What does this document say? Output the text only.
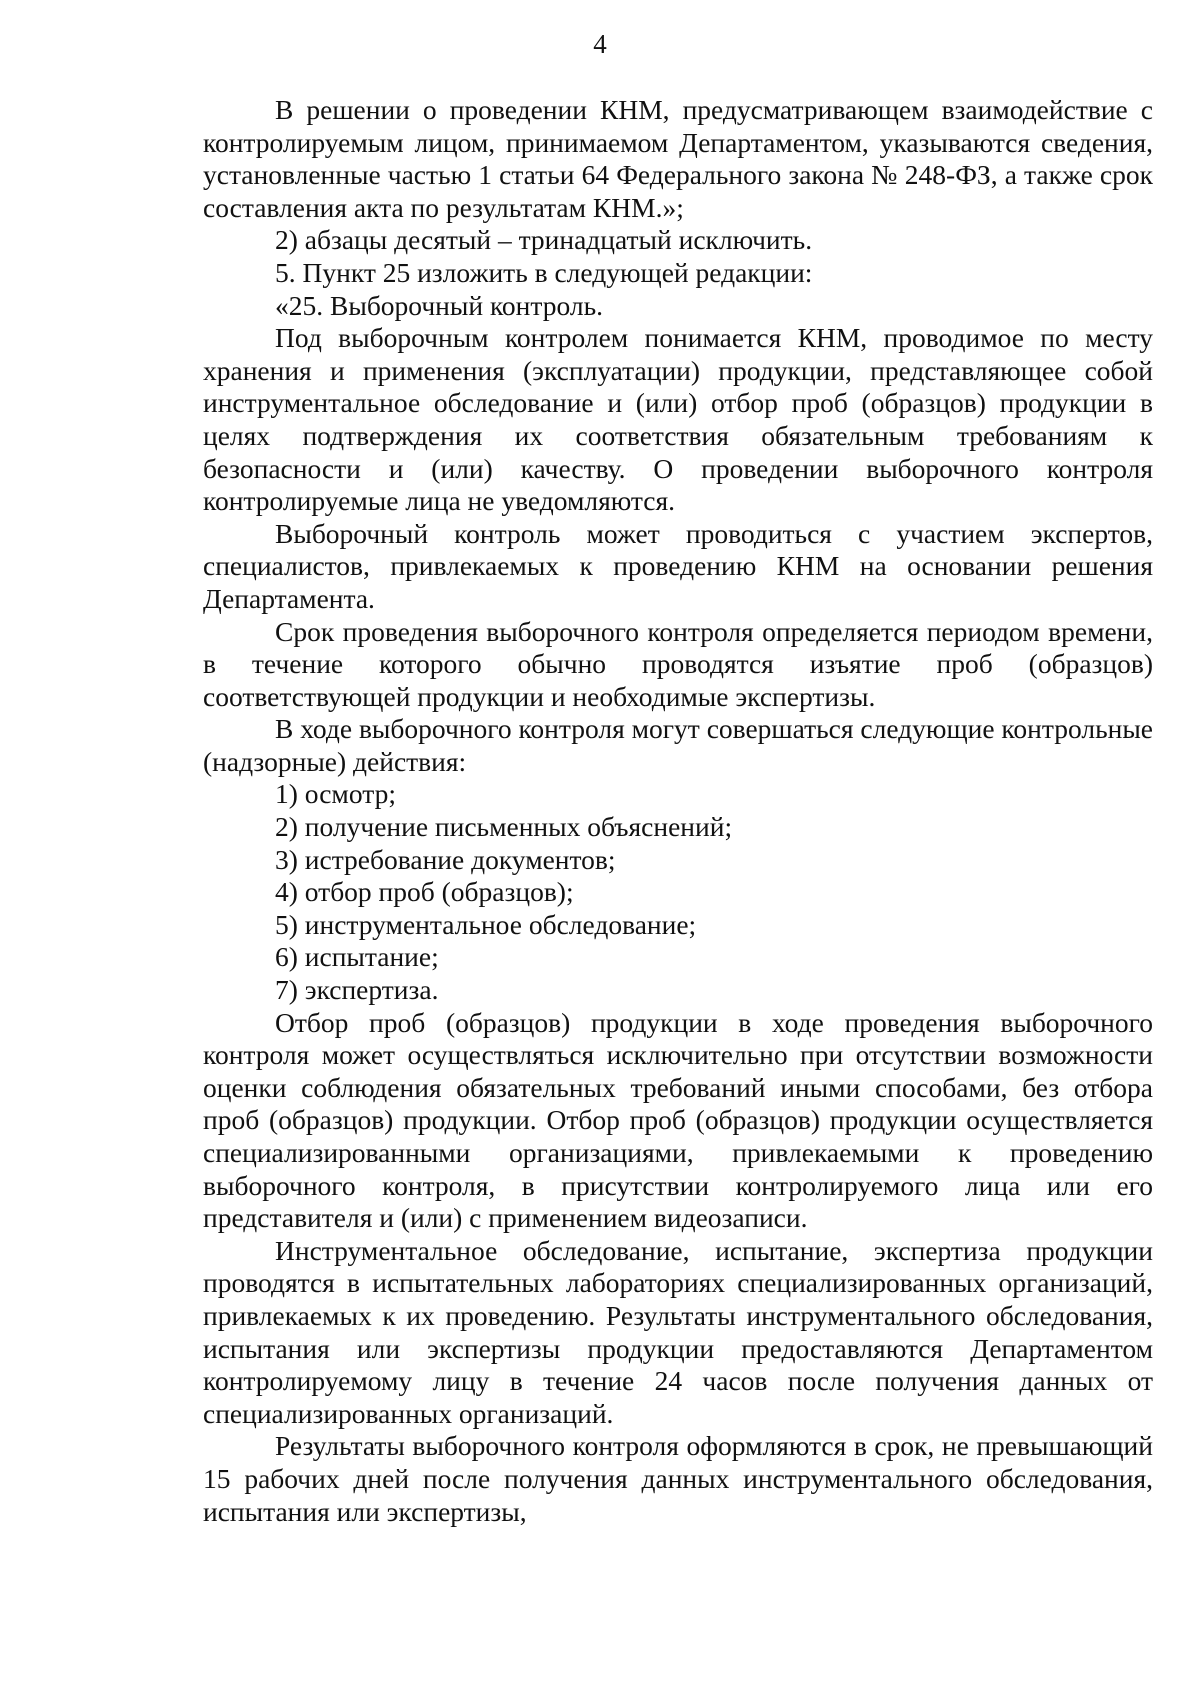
4

В решении о проведении КНМ, предусматривающем взаимодействие с контролируемым лицом, принимаемом Департаментом, указываются сведения, установленные частью 1 статьи 64 Федерального закона № 248-ФЗ, а также срок составления акта по результатам КНМ.»;

2) абзацы десятый – тринадцатый исключить.

5. Пункт 25 изложить в следующей редакции:

«25. Выборочный контроль.

Под выборочным контролем понимается КНМ, проводимое по месту хранения и применения (эксплуатации) продукции, представляющее собой инструментальное обследование и (или) отбор проб (образцов) продукции в целях подтверждения их соответствия обязательным требованиям к безопасности и (или) качеству. О проведении выборочного контроля контролируемые лица не уведомляются.

Выборочный контроль может проводиться с участием экспертов, специалистов, привлекаемых к проведению КНМ на основании решения Департамента.

Срок проведения выборочного контроля определяется периодом времени, в течение которого обычно проводятся изъятие проб (образцов) соответствующей продукции и необходимые экспертизы.

В ходе выборочного контроля могут совершаться следующие контрольные (надзорные) действия:

1) осмотр;

2) получение письменных объяснений;

3) истребование документов;

4) отбор проб (образцов);

5) инструментальное обследование;

6) испытание;

7) экспертиза.

Отбор проб (образцов) продукции в ходе проведения выборочного контроля может осуществляться исключительно при отсутствии возможности оценки соблюдения обязательных требований иными способами, без отбора проб (образцов) продукции. Отбор проб (образцов) продукции осуществляется специализированными организациями, привлекаемыми к проведению выборочного контроля, в присутствии контролируемого лица или его представителя и (или) с применением видеозаписи.

Инструментальное обследование, испытание, экспертиза продукции проводятся в испытательных лабораториях специализированных организаций, привлекаемых к их проведению. Результаты инструментального обследования, испытания или экспертизы продукции предоставляются Департаментом контролируемому лицу в течение 24 часов после получения данных от специализированных организаций.

Результаты выборочного контроля оформляются в срок, не превышающий 15 рабочих дней после получения данных инструментального обследования, испытания или экспертизы,
